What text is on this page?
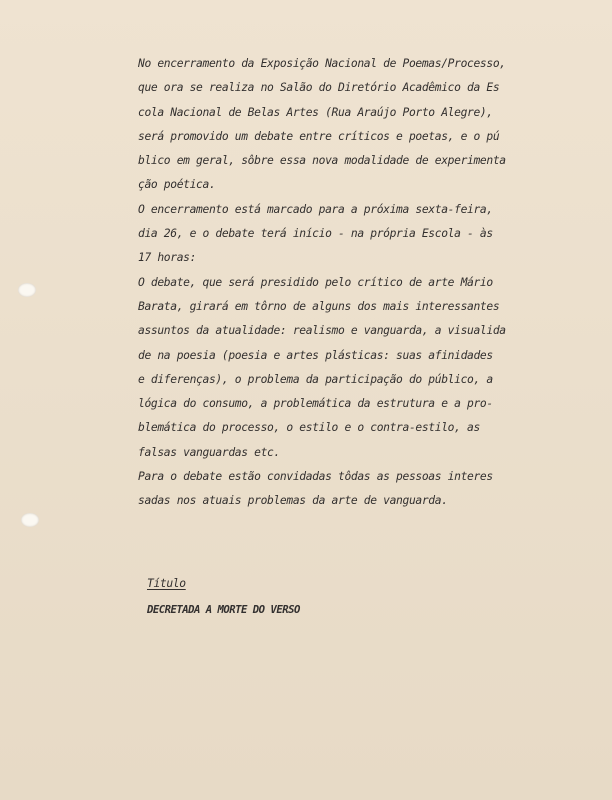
No encerramento da Exposição Nacional de Poemas/Processo,
que ora se realiza no Salão do Diretório Acadêmico da Es
cola Nacional de Belas Artes (Rua Araújo Porto Alegre),
será promovido um debate entre críticos e poetas, e o pú
blico em geral, sôbre essa nova modalidade de experimenta
ção poética.
O encerramento está marcado para a próxima sexta-feira,
dia 26, e o debate terá início - na própria Escola - às
17 horas:
O debate, que será presidido pelo crítico de arte Mário
Barata, girará em tôrno de alguns dos mais interessantes
assuntos da atualidade: realismo e vanguarda, a visualida
de na poesia (poesia e artes plásticas: suas afinidades
e diferenças), o problema da participação do público, a
lógica do consumo, a problemática da estrutura e a pro-
blemática do processo, o estilo e o contra-estilo, as
falsas vanguardas etc.
Para o debate estão convidadas tôdas as pessoas interes
sadas nos atuais problemas da arte de vanguarda.
Título
DECRETADA A MORTE DO VERSO
